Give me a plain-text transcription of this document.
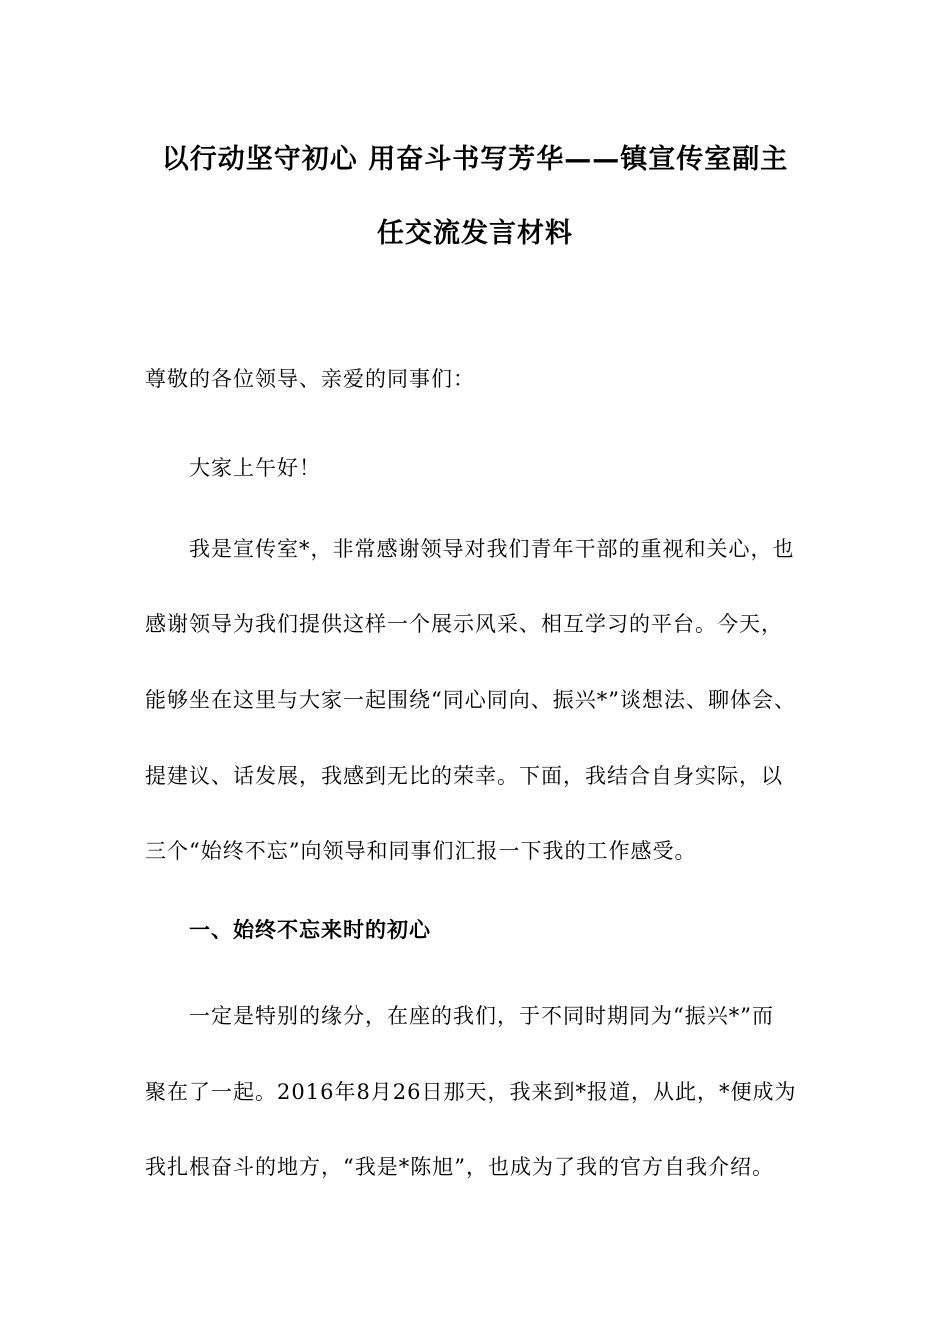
以行动坚守初心 用奋斗书写芳华——镇宣传室副主
任交流发言材料
尊敬的各位领导、亲爱的同事们：
大家上午好！
我是宣传室*，非常感谢领导对我们青年干部的重视和关心，也
感谢领导为我们提供这样一个展示风采、相互学习的平台。今天，
能够坐在这里与大家一起围绕“同心同向、振兴*”谈想法、聊体会、
提建议、话发展，我感到无比的荣幸。下面，我结合自身实际，以
三个“始终不忘”向领导和同事们汇报一下我的工作感受。
一、始终不忘来时的初心
一定是特别的缘分，在座的我们，于不同时期同为“振兴*”而
聚在了一起。2016年8月26日那天，我来到*报道，从此，*便成为
我扎根奋斗的地方，“我是*陈旭”，也成为了我的官方自我介绍。
